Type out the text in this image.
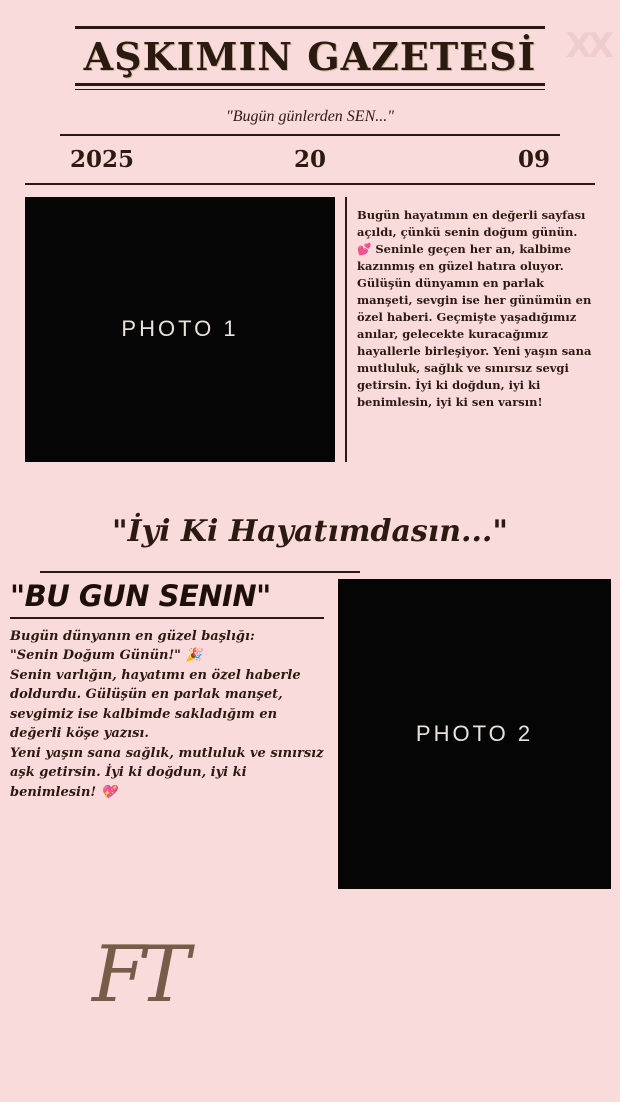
XX
AŞKIMIN GAZETESİ
"Bugün günlerden SEN..."
2025	20	09
PHOTO 1

Bugün hayatımın en değerli sayfası açıldı, çünkü senin doğum günün. 💕 Seninle geçen her an, kalbime kazınmış en güzel hatıra oluyor. Gülüşün dünyamın en parlak manşeti, sevgin ise her günümün en özel haberi. Geçmişte yaşadığımız anılar, gelecekte kuracağımız hayallerle birleşiyor. Yeni yaşın sana mutluluk, sağlık ve sınırsız sevgi getirsin. İyi ki doğdun, iyi ki benimlesin, iyi ki sen varsın!

"İyi Ki Hayatımdasın..."
"BU GUN SENIN"

Bugün dünyanın en güzel başlığı:

"Senin Doğum Günün!" 🎉

Senin varlığın, hayatımı en özel haberle doldurdu. Gülüşün en parlak manşet, sevgimiz ise kalbimde sakladığım en değerli köşe yazısı.

Yeni yaşın sana sağlık, mutluluk ve sınırsız aşk getirsin. İyi ki doğdun, iyi ki benimlesin! 💖

PHOTO 2
FT
